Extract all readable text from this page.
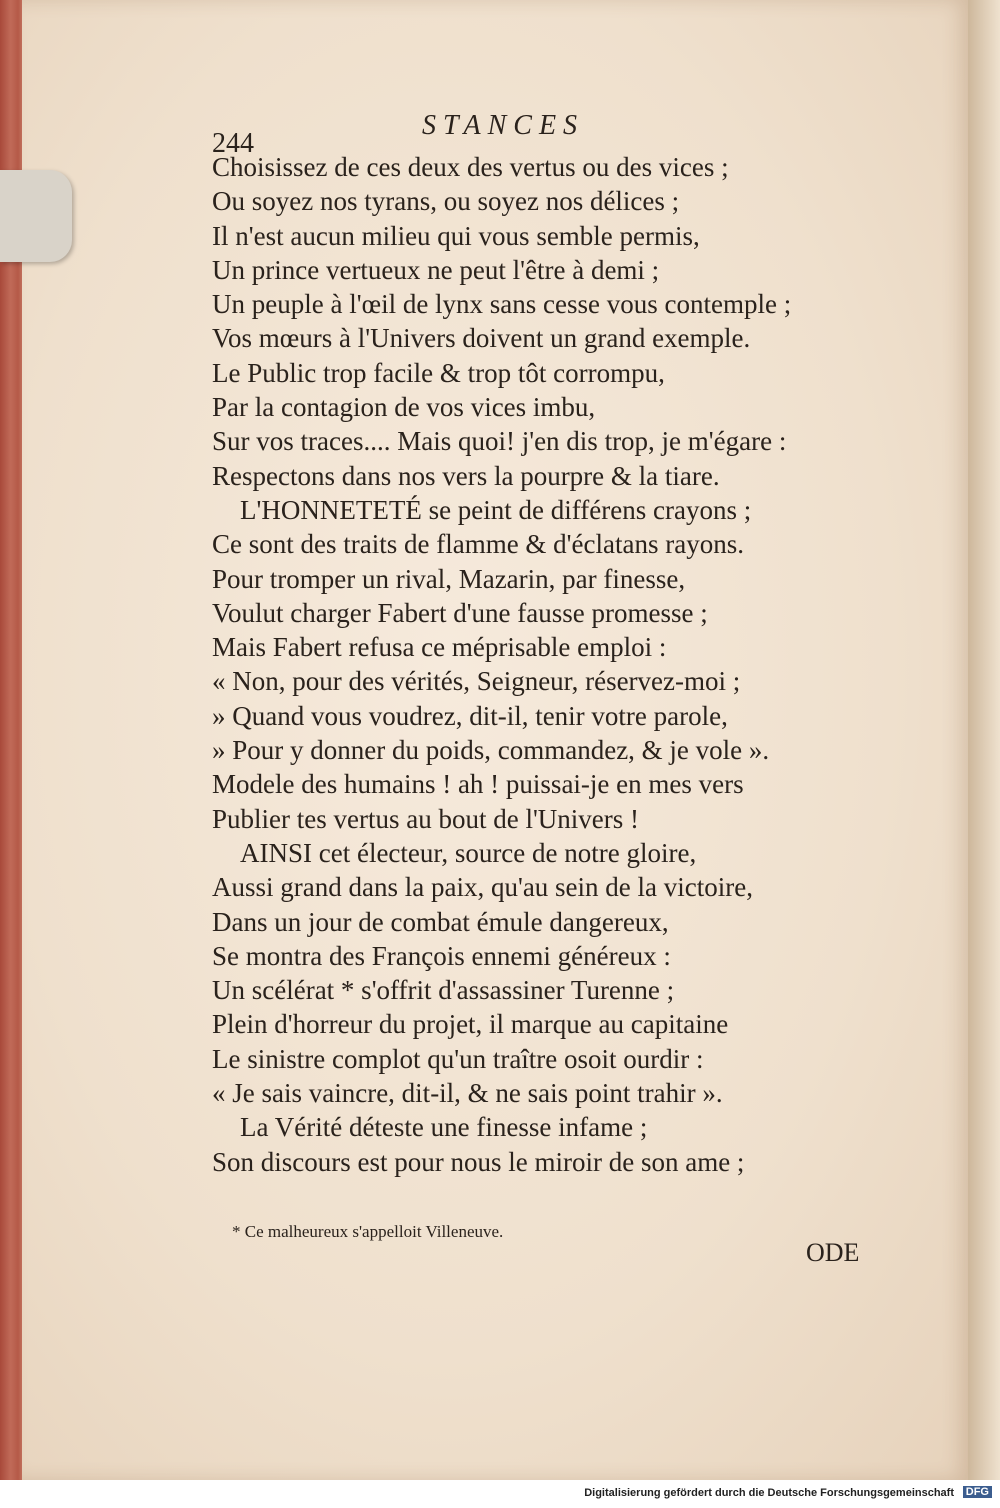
244
STANCES
Choisissez de ces deux des vertus ou des vices ;
Ou soyez nos tyrans, ou soyez nos délices ;
Il n'est aucun milieu qui vous semble permis,
Un prince vertueux ne peut l'être à demi ;
Un peuple à l'œil de lynx sans cesse vous contemple ;
Vos mœurs à l'Univers doivent un grand exemple.
Le Public trop facile & trop tôt corrompu,
Par la contagion de vos vices imbu,
Sur vos traces.... Mais quoi! j'en dis trop, je m'égare :
Respectons dans nos vers la pourpre & la tiare.
L'HONNETETÉ se peint de différens crayons ;
Ce sont des traits de flamme & d'éclatans rayons.
Pour tromper un rival, Mazarin, par finesse,
Voulut charger Fabert d'une fausse promesse ;
Mais Fabert refusa ce méprisable emploi :
« Non, pour des vérités, Seigneur, réservez-moi ;
» Quand vous voudrez, dit-il, tenir votre parole,
» Pour y donner du poids, commandez, & je vole ».
Modele des humains ! ah ! puissai-je en mes vers
Publier tes vertus au bout de l'Univers !
AINSI cet électeur, source de notre gloire,
Aussi grand dans la paix, qu'au sein de la victoire,
Dans un jour de combat émule dangereux,
Se montra des François ennemi généreux :
Un scélérat * s'offrit d'assassiner Turenne ;
Plein d'horreur du projet, il marque au capitaine
Le sinistre complot qu'un traître osoit ourdir :
« Je sais vaincre, dit-il, & ne sais point trahir ».
La Vérité déteste une finesse infame ;
Son discours est pour nous le miroir de son ame ;
* Ce malheureux s'appelloit Villeneuve.
ODE
Digitalisierung gefördert durch die Deutsche Forschungsgemeinschaft DFG
